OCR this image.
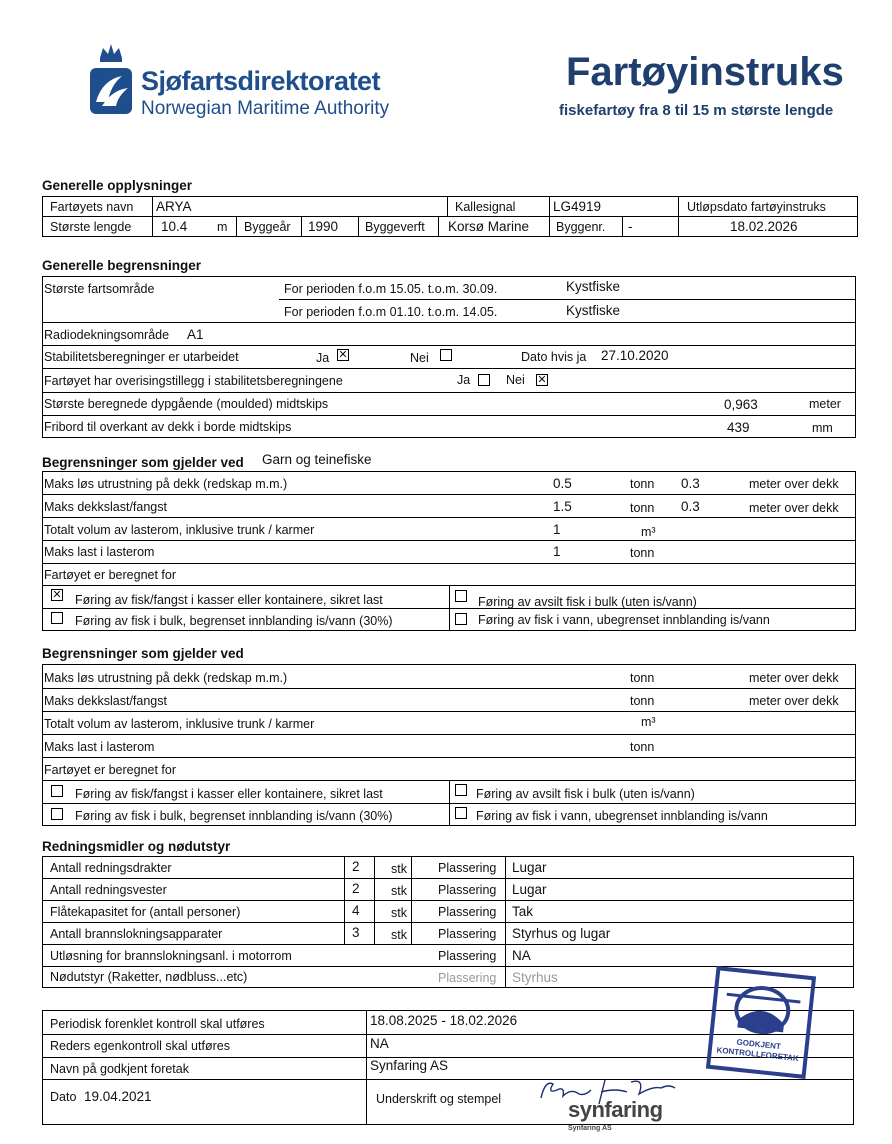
Sjøfartsdirektoratet
Norwegian Maritime Authority
Fartøyinstruks
fiskefartøy fra 8 til 15 m største lengde
Generelle opplysninger
Fartøyets navn ARYA	Kallesignal	LG4919	Utløpsdato fartøyinstruks
Største lengde 10.4 m Byggeår 1990 Byggeverft Korsø Marine Byggenr. -	18.02.2026
Generelle begrensninger
Største fartsområde	For perioden f.o.m 15.05. t.o.m. 30.09.	Kystfiske
For perioden f.o.m 01.10. t.o.m. 14.05.	Kystfiske
Radiodekningsområde A1
Stabilitetsberegninger er utarbeidet	Ja ✕	Nei	Dato hvis ja 27.10.2020
Fartøyet har overisingstillegg i stabilitetsberegningene	Ja	Nei ✕
Største beregnede dypgående (moulded) midtskips	0,963	meter
Fribord til overkant av dekk i borde midtskips	439	mm
Begrensninger som gjelder ved Garn og teinefiske
Maks løs utrustning på dekk (redskap m.m.)	0.5	tonn 0.3	meter over dekk
Maks dekkslast/fangst	1.5	tonn 0.3	meter over dekk
Totalt volum av lasterom, inklusive trunk / karmer	1	m³
Maks last i lasterom	1	tonn
Fartøyet er beregnet for
✕ Føring av fisk/fangst i kasser eller kontainere, sikret last	Føring av avsilt fisk i bulk (uten is/vann)
Føring av fisk i bulk, begrenset innblanding is/vann (30%)	Føring av fisk i vann, ubegrenset innblanding is/vann
Begrensninger som gjelder ved
Maks løs utrustning på dekk (redskap m.m.)	tonn	meter over dekk
Maks dekkslast/fangst	tonn	meter over dekk
Totalt volum av lasterom, inklusive trunk / karmer	m³
Maks last i lasterom	tonn
Fartøyet er beregnet for
Føring av fisk/fangst i kasser eller kontainere, sikret last	Føring av avsilt fisk i bulk (uten is/vann)
Føring av fisk i bulk, begrenset innblanding is/vann (30%)	Føring av fisk i vann, ubegrenset innblanding is/vann
Redningsmidler og nødutstyr
Antall redningsdrakter	2	stk Plassering Lugar
Antall redningsvester	2	stk Plassering Lugar
Flåtekapasitet for (antall personer)	4	stk Plassering Tak
Antall brannslokningsapparater	3	stk Plassering Styrhus og lugar
Utløsning for brannslokningsanl. i motorrom	Plassering NA
Nødutstyr (Raketter, nødbluss...etc)	Plassering Styrhus
Periodisk forenklet kontroll skal utføres	18.08.2025 - 18.02.2026
Reders egenkontroll skal utføres	NA
Navn på godkjent foretak	Synfaring AS
Dato 19.04.2021	Underskrift og stempel	synfaring
Synfaring AS
GODKJENT KONTROLLFORETAK
